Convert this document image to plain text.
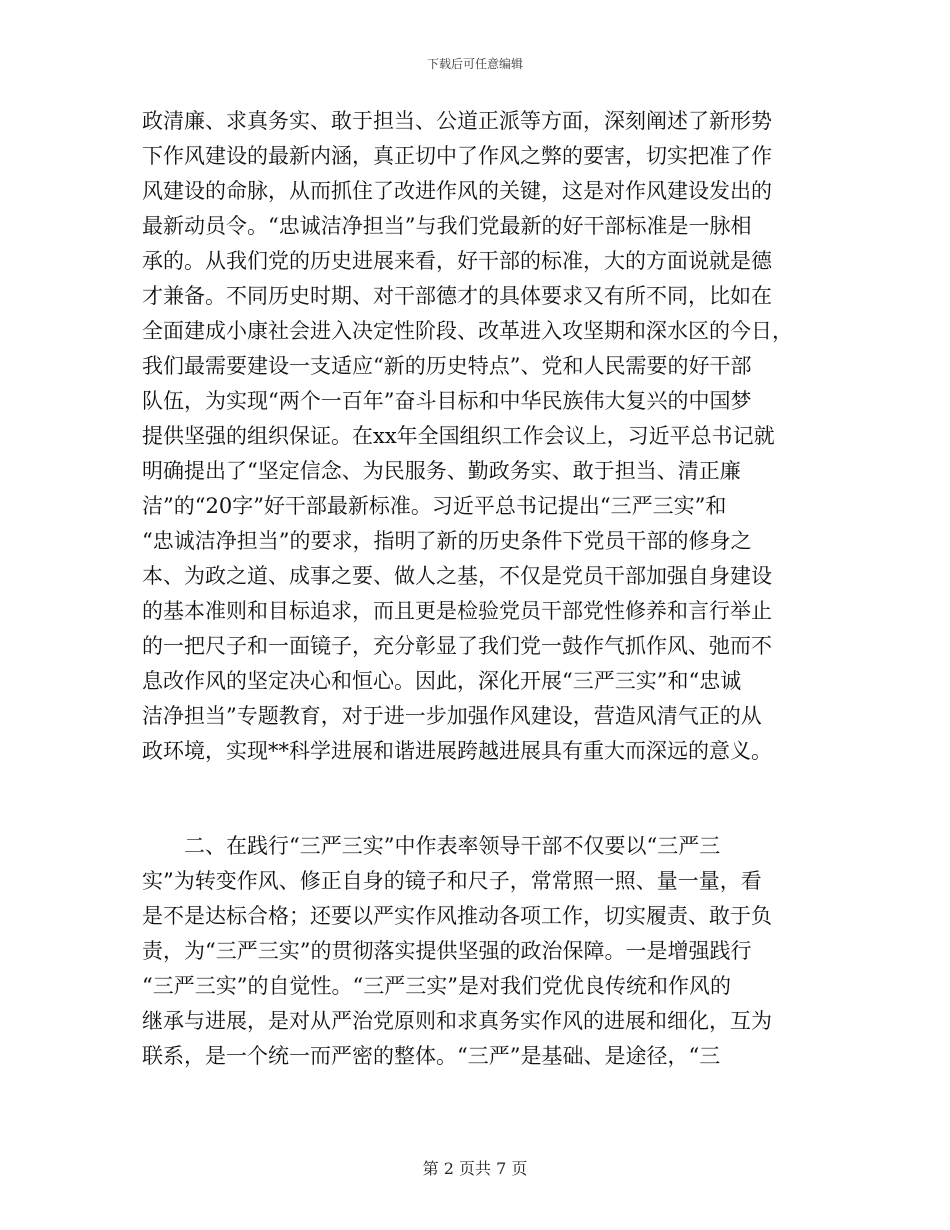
下载后可任意编辑

政清廉、求真务实、敢于担当、公道正派等方面，深刻阐述了新形势
下作风建设的最新内涵，真正切中了作风之弊的要害，切实把准了作
风建设的命脉，从而抓住了改进作风的关键，这是对作风建设发出的
最新动员令。“忠诚洁净担当”与我们党最新的好干部标准是一脉相
承的。从我们党的历史进展来看，好干部的标准，大的方面说就是德
才兼备。不同历史时期、对干部德才的具体要求又有所不同，比如在
全面建成小康社会进入决定性阶段、改革进入攻坚期和深水区的今日，
我们最需要建设一支适应“新的历史特点”、党和人民需要的好干部
队伍，为实现“两个一百年”奋斗目标和中华民族伟大复兴的中国梦
提供坚强的组织保证。在xx年全国组织工作会议上，习近平总书记就
明确提出了“坚定信念、为民服务、勤政务实、敢于担当、清正廉
洁”的“20字”好干部最新标准。习近平总书记提出“三严三实”和
“忠诚洁净担当”的要求，指明了新的历史条件下党员干部的修身之
本、为政之道、成事之要、做人之基，不仅是党员干部加强自身建设
的基本准则和目标追求，而且更是检验党员干部党性修养和言行举止
的一把尺子和一面镜子，充分彰显了我们党一鼓作气抓作风、弛而不
息改作风的坚定决心和恒心。因此，深化开展“三严三实”和“忠诚
洁净担当”专题教育，对于进一步加强作风建设，营造风清气正的从
政环境，实现**科学进展和谐进展跨越进展具有重大而深远的意义。

　　二、在践行“三严三实”中作表率领导干部不仅要以“三严三
实”为转变作风、修正自身的镜子和尺子，常常照一照、量一量，看
是不是达标合格；还要以严实作风推动各项工作，切实履责、敢于负
责，为“三严三实”的贯彻落实提供坚强的政治保障。一是增强践行
“三严三实”的自觉性。“三严三实”是对我们党优良传统和作风的
继承与进展，是对从严治党原则和求真务实作风的进展和细化，互为
联系，是一个统一而严密的整体。“三严”是基础、是途径，“三

第 2 页共 7 页
